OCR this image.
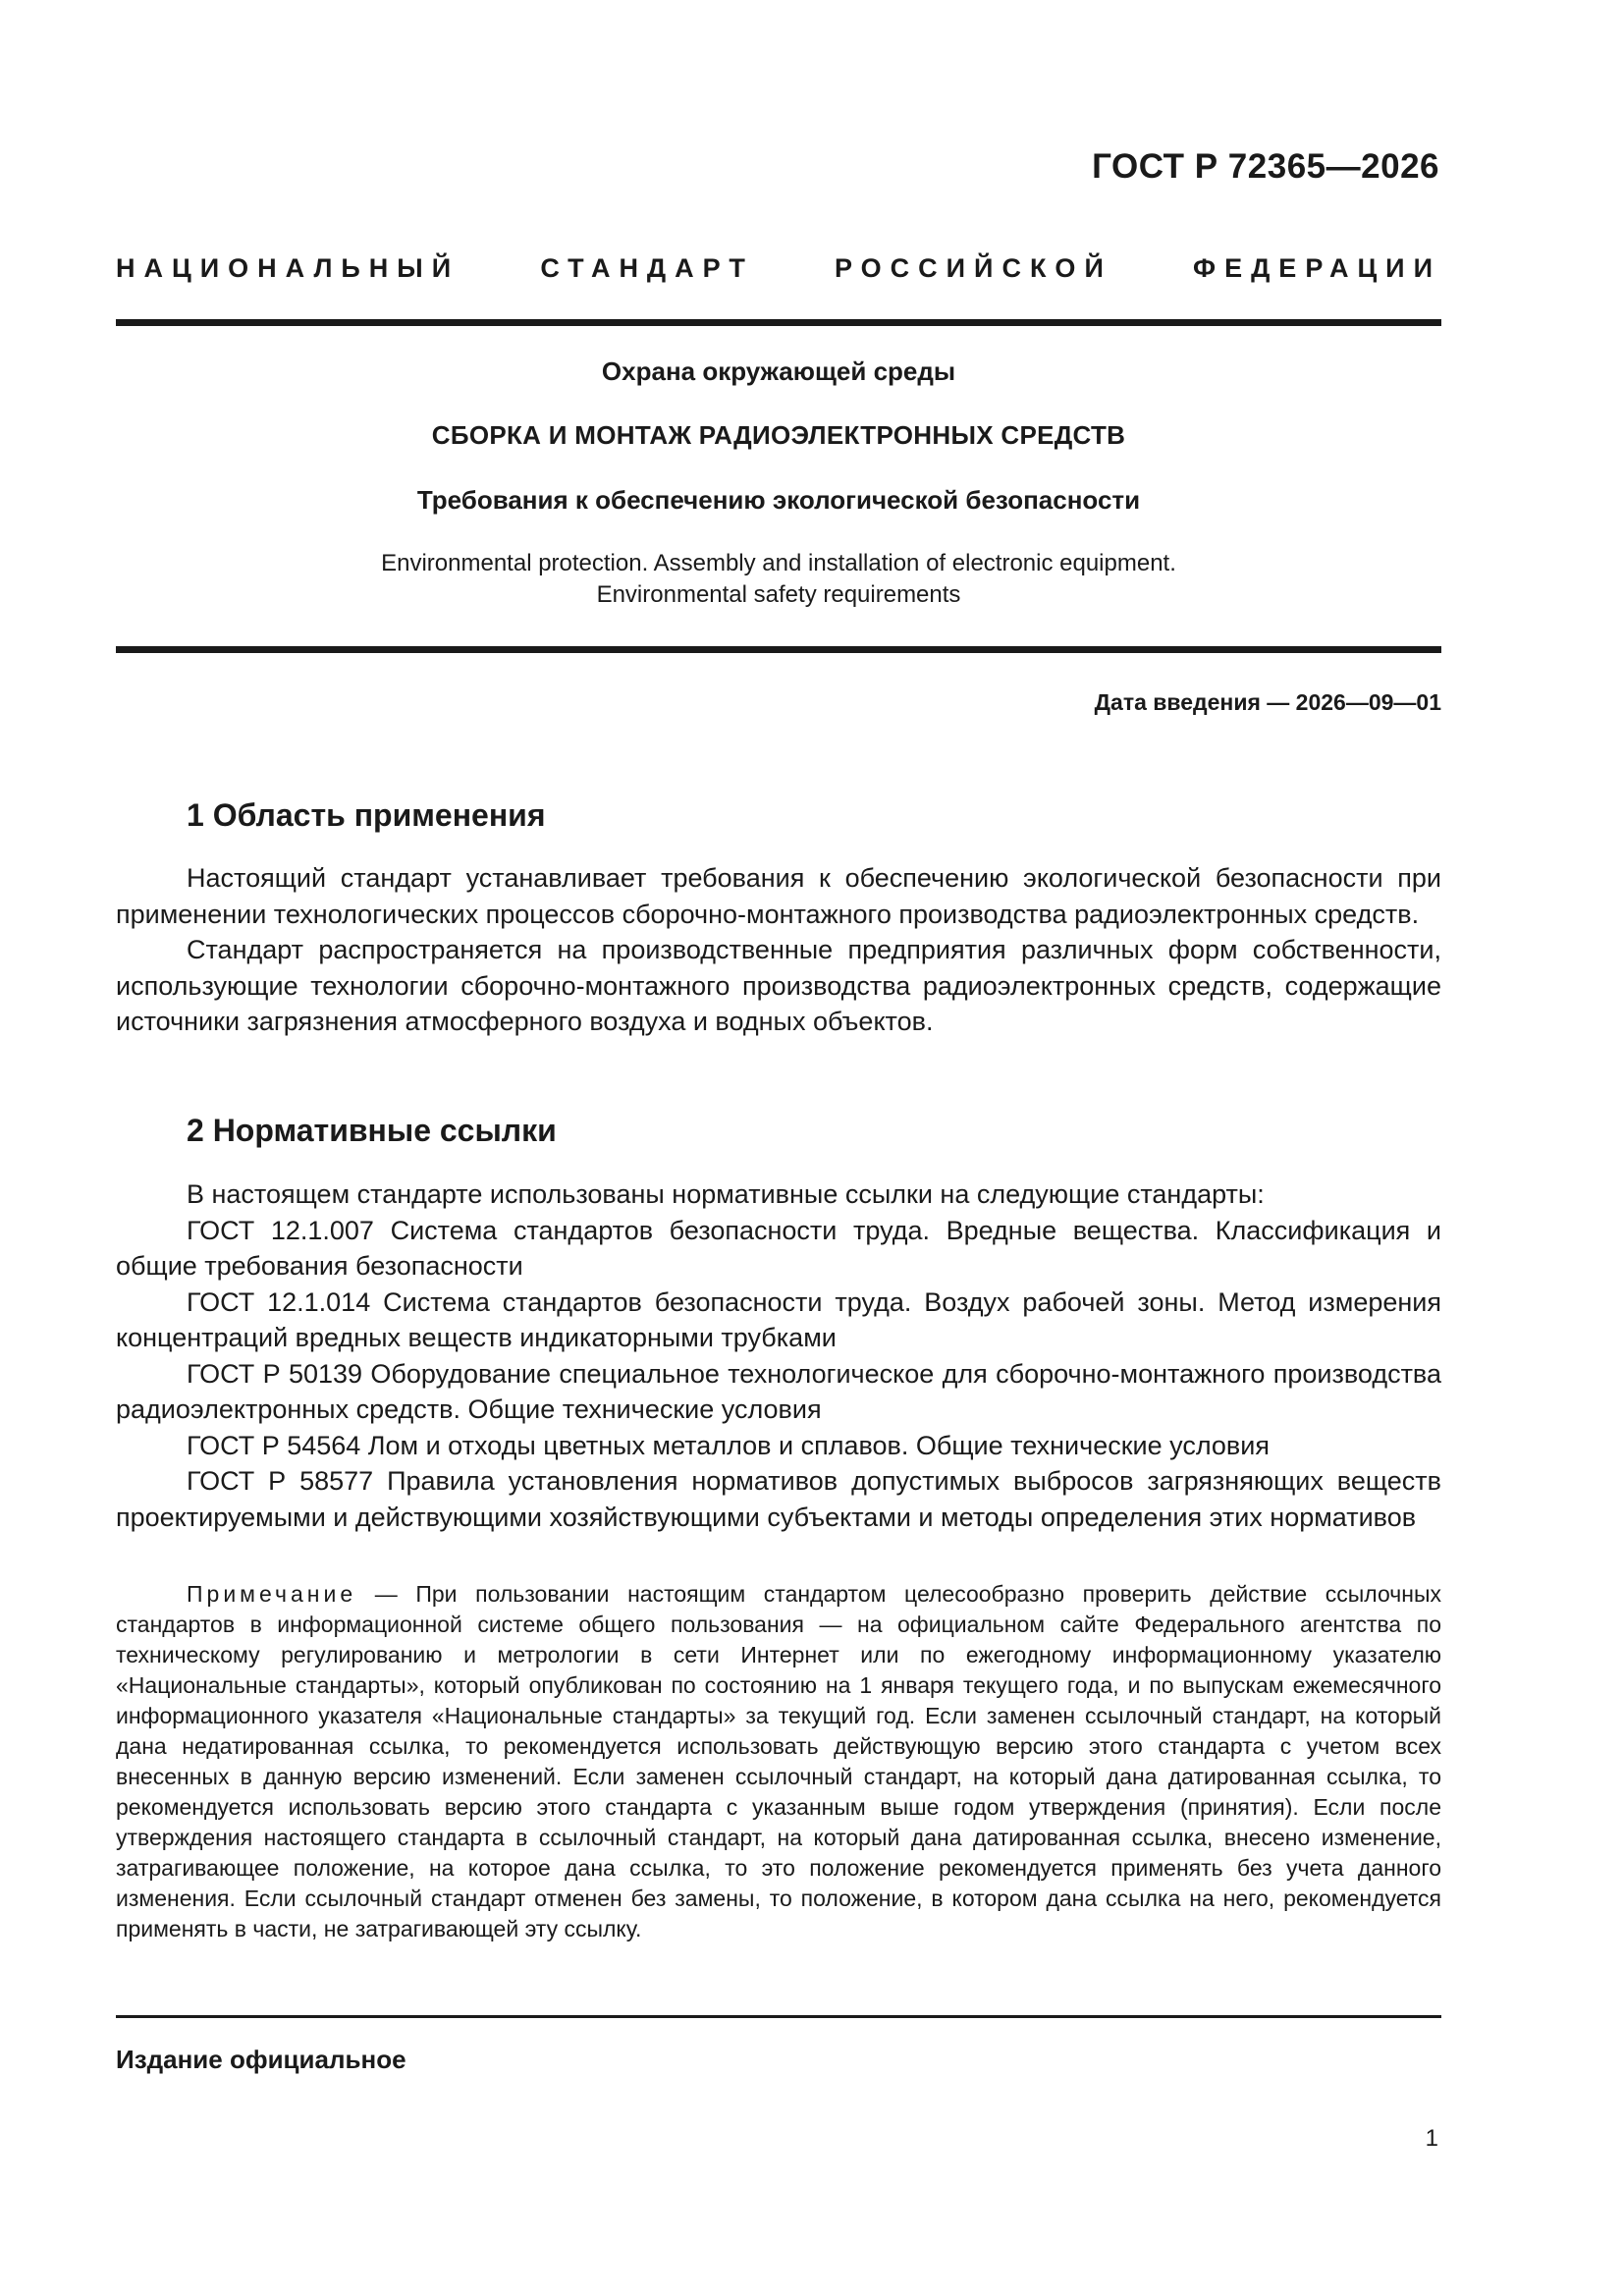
ГОСТ Р 72365—2026
НАЦИОНАЛЬНЫЙ СТАНДАРТ РОССИЙСКОЙ ФЕДЕРАЦИИ
Охрана окружающей среды
СБОРКА И МОНТАЖ РАДИОЭЛЕКТРОННЫХ СРЕДСТВ
Требования к обеспечению экологической безопасности
Environmental protection. Assembly and installation of electronic equipment.
Environmental safety requirements
Дата введения — 2026—09—01
1 Область применения

Настоящий стандарт устанавливает требования к обеспечению экологической безопасности при применении технологических процессов сборочно-монтажного производства радиоэлектронных средств.

Стандарт распространяется на производственные предприятия различных форм собственности, использующие технологии сборочно-монтажного производства радиоэлектронных средств, содержащие источники загрязнения атмосферного воздуха и водных объектов.

2 Нормативные ссылки

В настоящем стандарте использованы нормативные ссылки на следующие стандарты:

ГОСТ 12.1.007 Система стандартов безопасности труда. Вредные вещества. Классификация и общие требования безопасности

ГОСТ 12.1.014 Система стандартов безопасности труда. Воздух рабочей зоны. Метод измерения концентраций вредных веществ индикаторными трубками

ГОСТ Р 50139 Оборудование специальное технологическое для сборочно-монтажного производства радиоэлектронных средств. Общие технические условия

ГОСТ Р 54564 Лом и отходы цветных металлов и сплавов. Общие технические условия

ГОСТ Р 58577 Правила установления нормативов допустимых выбросов загрязняющих веществ проектируемыми и действующими хозяйствующими субъектами и методы определения этих нормативов

Примечание — При пользовании настоящим стандартом целесообразно проверить действие ссылочных стандартов в информационной системе общего пользования — на официальном сайте Федерального агентства по техническому регулированию и метрологии в сети Интернет или по ежегодному информационному указателю «Национальные стандарты», который опубликован по состоянию на 1 января текущего года, и по выпускам ежемесячного информационного указателя «Национальные стандарты» за текущий год. Если заменен ссылочный стандарт, на который дана недатированная ссылка, то рекомендуется использовать действующую версию этого стандарта с учетом всех внесенных в данную версию изменений. Если заменен ссылочный стандарт, на который дана датированная ссылка, то рекомендуется использовать версию этого стандарта с указанным выше годом утверждения (принятия). Если после утверждения настоящего стандарта в ссылочный стандарт, на который дана датированная ссылка, внесено изменение, затрагивающее положение, на которое дана ссылка, то это положение рекомендуется применять без учета данного изменения. Если ссылочный стандарт отменен без замены, то положение, в котором дана ссылка на него, рекомендуется применять в части, не затрагивающей эту ссылку.

Издание официальное
1
